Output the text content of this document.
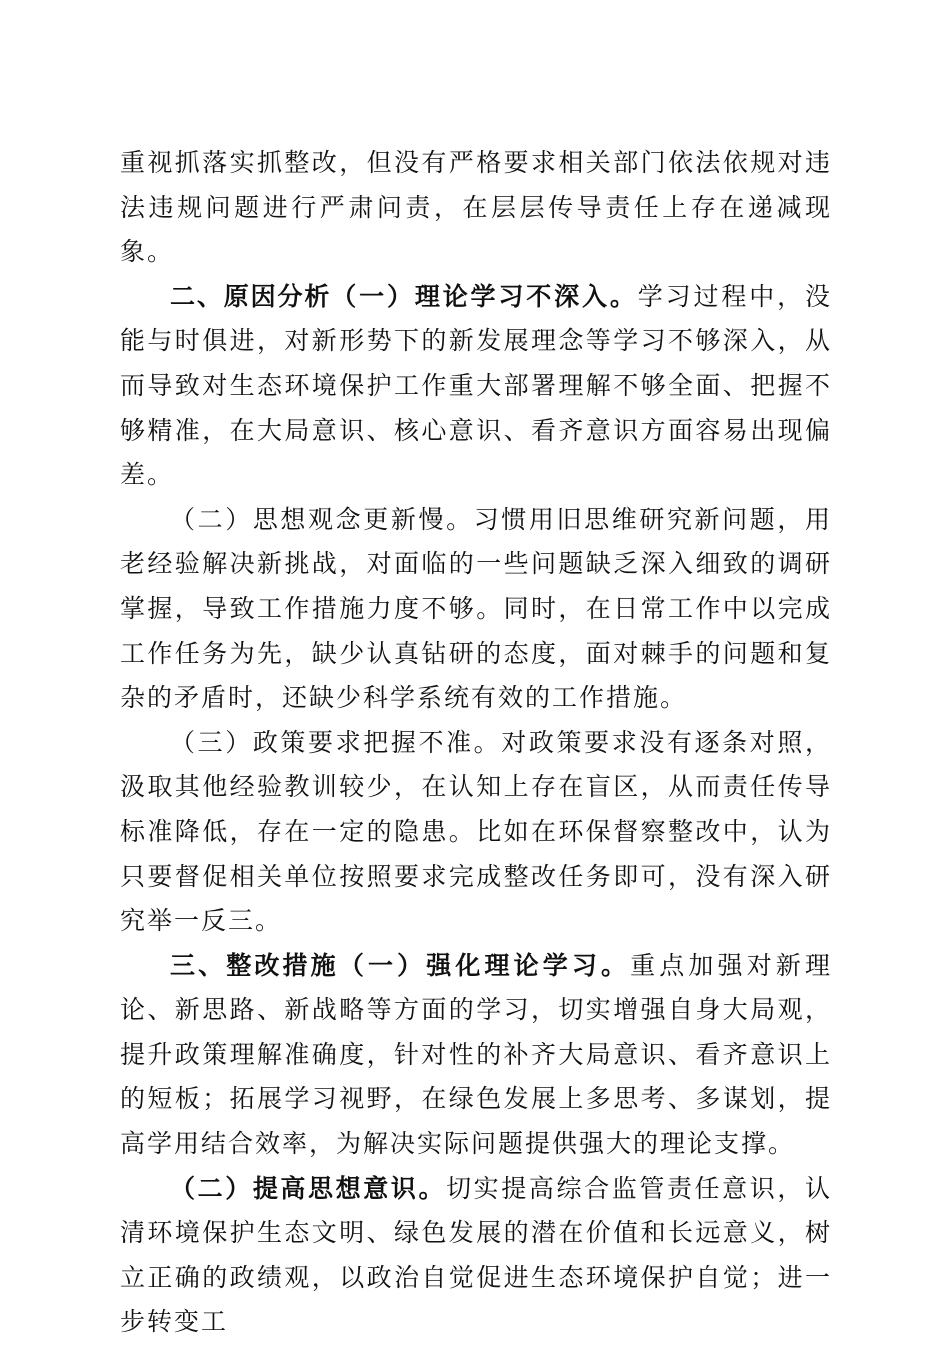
重视抓落实抓整改，但没有严格要求相关部门依法依规对违法违规问题进行严肃问责，在层层传导责任上存在递减现象。

二、原因分析（一）理论学习不深入。学习过程中，没能与时俱进，对新形势下的新发展理念等学习不够深入，从而导致对生态环境保护工作重大部署理解不够全面、把握不够精准，在大局意识、核心意识、看齐意识方面容易出现偏差。

（二）思想观念更新慢。习惯用旧思维研究新问题，用老经验解决新挑战，对面临的一些问题缺乏深入细致的调研掌握，导致工作措施力度不够。同时，在日常工作中以完成工作任务为先，缺少认真钻研的态度，面对棘手的问题和复杂的矛盾时，还缺少科学系统有效的工作措施。

（三）政策要求把握不准。对政策要求没有逐条对照，汲取其他经验教训较少，在认知上存在盲区，从而责任传导标准降低，存在一定的隐患。比如在环保督察整改中，认为只要督促相关单位按照要求完成整改任务即可，没有深入研究举一反三。

三、整改措施（一）强化理论学习。重点加强对新理论、新思路、新战略等方面的学习，切实增强自身大局观，提升政策理解准确度，针对性的补齐大局意识、看齐意识上的短板；拓展学习视野，在绿色发展上多思考、多谋划，提高学用结合效率，为解决实际问题提供强大的理论支撑。

（二）提高思想意识。切实提高综合监管责任意识，认清环境保护生态文明、绿色发展的潜在价值和长远意义，树立正确的政绩观，以政治自觉促进生态环境保护自觉；进一步转变工
